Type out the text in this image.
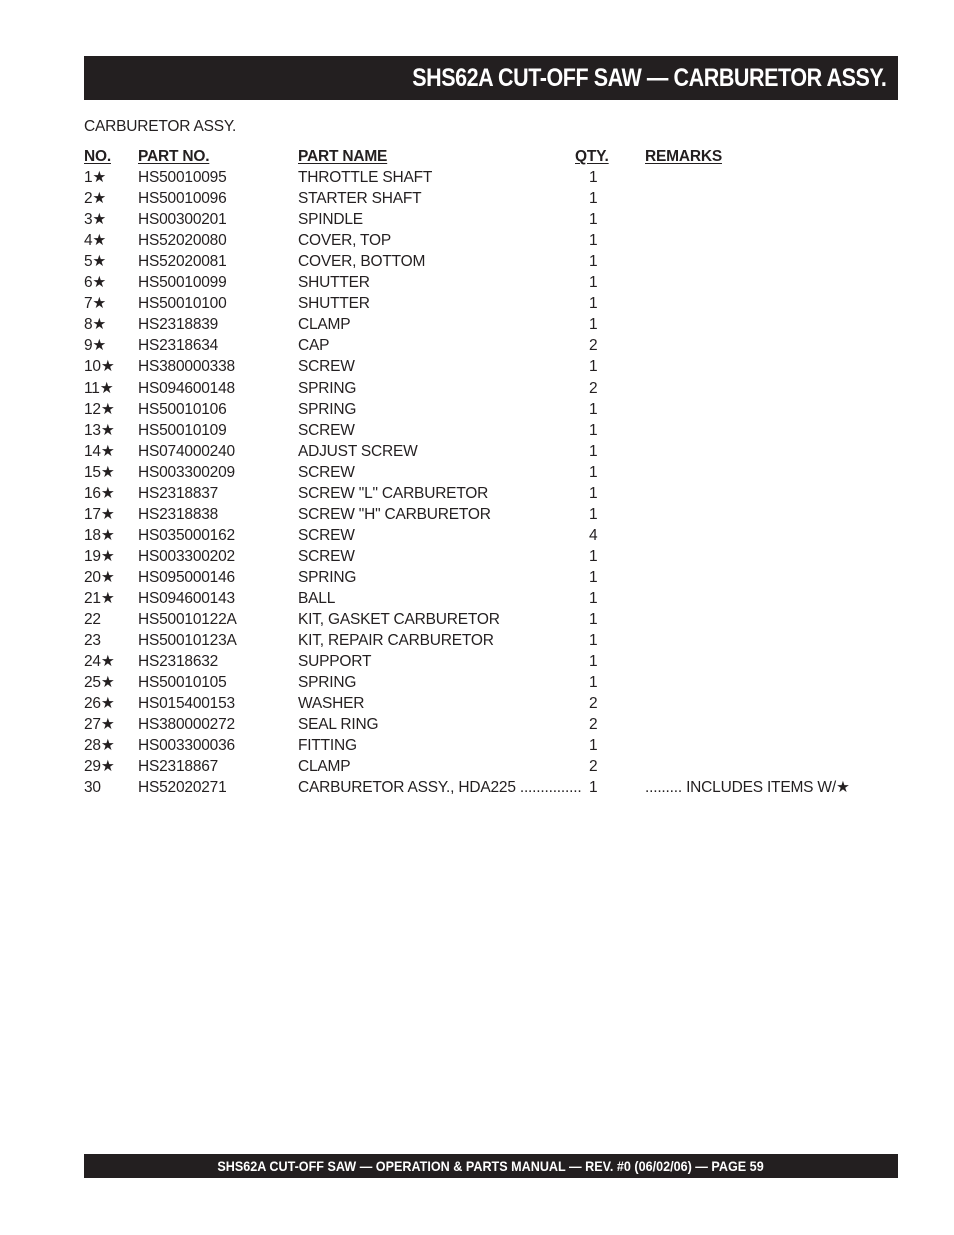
SHS62A CUT-OFF SAW — CARBURETOR ASSY.
CARBURETOR ASSY.
NO. PART NO.	PART NAME	QTY. REMARKS
1★ HS50010095	THROTTLE SHAFT	1
2★ HS50010096	STARTER SHAFT	1
3★ HS00300201	SPINDLE	1
4★ HS52020080	COVER, TOP	1
5★ HS52020081	COVER, BOTTOM	1
6★ HS50010099	SHUTTER	1
7★ HS50010100	SHUTTER	1
8★ HS2318839	CLAMP	1
9★ HS2318634	CAP	2
10★ HS380000338	SCREW	1
11★ HS094600148	SPRING	2
12★ HS50010106	SPRING	1
13★ HS50010109	SCREW	1
14★ HS074000240	ADJUST SCREW	1
15★ HS003300209	SCREW	1
16★ HS2318837	SCREW "L" CARBURETOR	1
17★ HS2318838	SCREW "H" CARBURETOR	1
18★ HS035000162	SCREW	4
19★ HS003300202	SCREW	1
20★ HS095000146	SPRING	1
21★ HS094600143	BALL	1
22 HS50010122A	KIT, GASKET CARBURETOR	1
23 HS50010123A	KIT, REPAIR CARBURETOR	1
24★ HS2318632	SUPPORT	1
25★ HS50010105	SPRING	1
26★ HS015400153	WASHER	2
27★ HS380000272	SEAL RING	2
28★ HS003300036	FITTING	1
29★ HS2318867	CLAMP	2
30 HS52020271	CARBURETOR ASSY., HDA225 ............... 1	......... INCLUDES ITEMS W/★
SHS62A CUT-OFF SAW — OPERATION & PARTS MANUAL — REV. #0 (06/02/06) — PAGE 59
